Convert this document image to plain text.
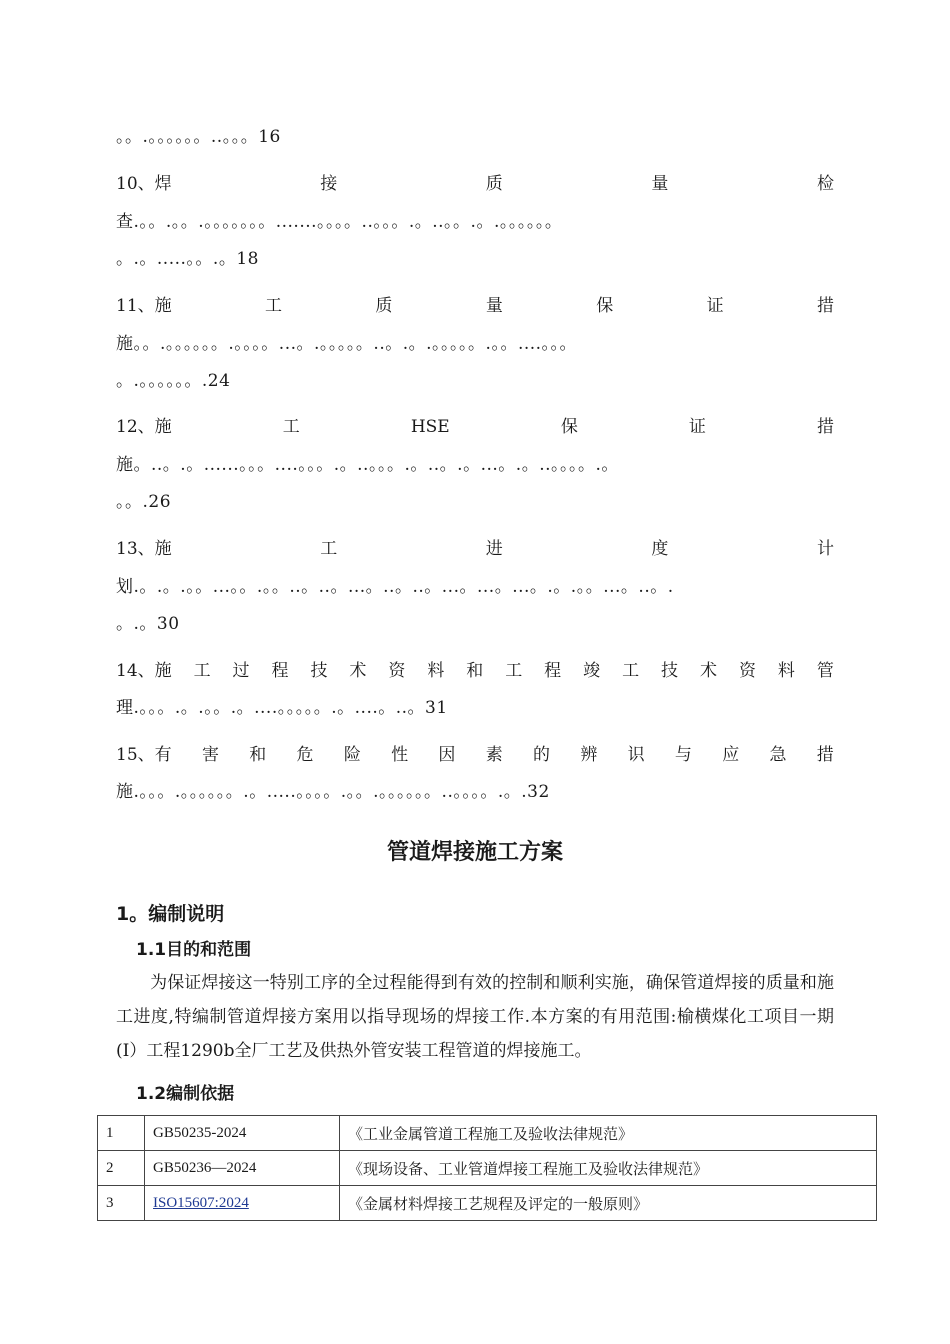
。。.。。。。。。..。。。16
10、焊	接	质	量	检
查.。。.。。.。。。。。。。.......。。。。..。。。.。..。。.。.。。。。。。
。.。.....。。.。18
11、施	工	质	量	保	证	措
施。。.。。。。。。.。。。。...。.。。。。。..。.。.。。。。。.。。....。。。
。.。。。。。。.24
12、施	工	HSE	保	证	措
施。..。.。......。。。....。。。.。..。。。.。..。.。...。.。..。。。。.。
。。.26
13、施	工	进	度	计
划.。.。.。。...。。.。。..。..。...。..。..。...。...。...。.。.。。...。..。.
。.。30
14、施 工 过 程 技 术 资 料 和 工 程 竣 工 技 术 资 料 管
理.。。。.。.。。.。....。。。。。.。....。..。31
15、有 害 和 危 险 性 因 素 的 辨 识 与 应 急 措
施.。。。.。。。。。。.。.....。。。。.。。.。。。。。。..。。。。.。.32
管道焊接施工方案
1。编制说明
1.1目的和范围
为保证焊接这一特别工序的全过程能得到有效的控制和顺利实施，确保管道焊接的质量和施工进度,特编制管道焊接方案用以指导现场的焊接工作.本方案的有用范围:榆横煤化工项目一期(Ⅰ）工程1290b全厂工艺及供热外管安装工程管道的焊接施工。
1.2编制依据
1	GB50235-2024	《工业金属管道工程施工及验收法律规范》
2	GB50236—2024	《现场设备、工业管道焊接工程施工及验收法律规范》
3	ISO15607:2024	《金属材料焊接工艺规程及评定的一般原则》
